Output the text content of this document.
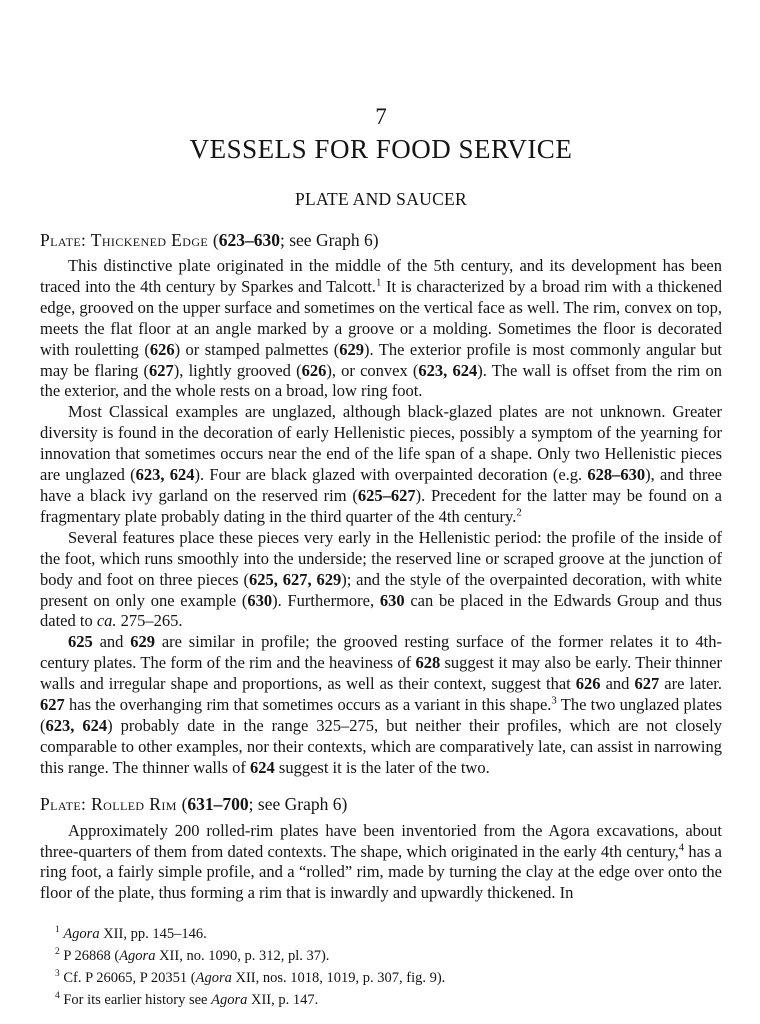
7
VESSELS FOR FOOD SERVICE
PLATE AND SAUCER
Plate: Thickened Edge (623–630; see Graph 6)

This distinctive plate originated in the middle of the 5th century, and its development has been traced into the 4th century by Sparkes and Talcott.$^1$ It is characterized by a broad rim with a thickened edge, grooved on the upper surface and sometimes on the vertical face as well. The rim, convex on top, meets the flat floor at an angle marked by a groove or a molding. Sometimes the floor is decorated with rouletting (626) or stamped palmettes (629). The exterior profile is most commonly angular but may be flaring (627), lightly grooved (626), or convex (623, 624). The wall is offset from the rim on the exterior, and the whole rests on a broad, low ring foot.

Most Classical examples are unglazed, although black-glazed plates are not unknown. Greater diversity is found in the decoration of early Hellenistic pieces, possibly a symptom of the yearning for innovation that sometimes occurs near the end of the life span of a shape. Only two Hellenistic pieces are unglazed (623, 624). Four are black glazed with overpainted decoration (e.g. 628–630), and three have a black ivy garland on the reserved rim (625–627). Precedent for the latter may be found on a fragmentary plate probably dating in the third quarter of the 4th century.$^2$

Several features place these pieces very early in the Hellenistic period: the profile of the inside of the foot, which runs smoothly into the underside; the reserved line or scraped groove at the junction of body and foot on three pieces (625, 627, 629); and the style of the overpainted decoration, with white present on only one example (630). Furthermore, 630 can be placed in the Edwards Group and thus dated to ca. 275–265.

625 and 629 are similar in profile; the grooved resting surface of the former relates it to 4th-century plates. The form of the rim and the heaviness of 628 suggest it may also be early. Their thinner walls and irregular shape and proportions, as well as their context, suggest that 626 and 627 are later. 627 has the overhanging rim that sometimes occurs as a variant in this shape.$^3$ The two unglazed plates (623, 624) probably date in the range 325–275, but neither their profiles, which are not closely comparable to other examples, nor their contexts, which are comparatively late, can assist in narrowing this range. The thinner walls of 624 suggest it is the later of the two.

Plate: Rolled Rim (631–700; see Graph 6)

Approximately 200 rolled-rim plates have been inventoried from the Agora excavations, about three-quarters of them from dated contexts. The shape, which originated in the early 4th century,$^4$ has a ring foot, a fairly simple profile, and a “rolled” rim, made by turning the clay at the edge over onto the floor of the plate, thus forming a rim that is inwardly and upwardly thickened. In

$^1$ Agora XII, pp. 145–146.

$^2$ P 26868 (Agora XII, no. 1090, p. 312, pl. 37).

$^3$ Cf. P 26065, P 20351 (Agora XII, nos. 1018, 1019, p. 307, fig. 9).

$^4$ For its earlier history see Agora XII, p. 147.
